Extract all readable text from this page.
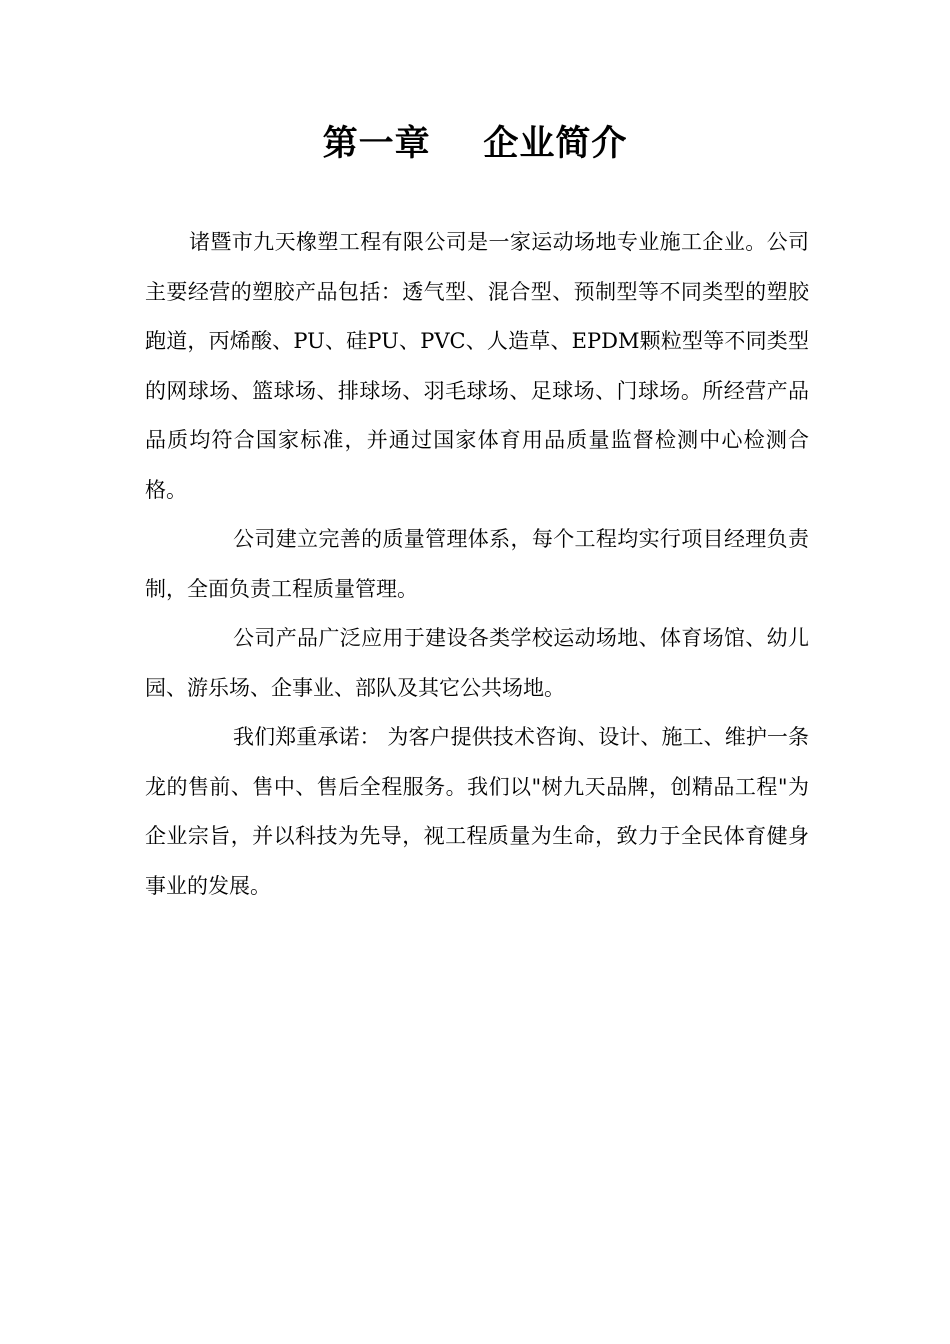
第一章    企业简介

诸暨市九天橡塑工程有限公司是一家运动场地专业施工企业。公司主要经营的塑胶产品包括：透气型、混合型、预制型等不同类型的塑胶跑道，丙烯酸、PU、硅PU、PVC、人造草、EPDM颗粒型等不同类型的网球场、篮球场、排球场、羽毛球场、足球场、门球场。所经营产品品质均符合国家标准，并通过国家体育用品质量监督检测中心检测合格。

公司建立完善的质量管理体系，每个工程均实行项目经理负责制，全面负责工程质量管理。

公司产品广泛应用于建设各类学校运动场地、体育场馆、幼儿园、游乐场、企事业、部队及其它公共场地。

我们郑重承诺： 为客户提供技术咨询、设计、施工、维护一条龙的售前、售中、售后全程服务。我们以"树九天品牌，创精品工程"为企业宗旨，并以科技为先导，视工程质量为生命，致力于全民体育健身事业的发展。
